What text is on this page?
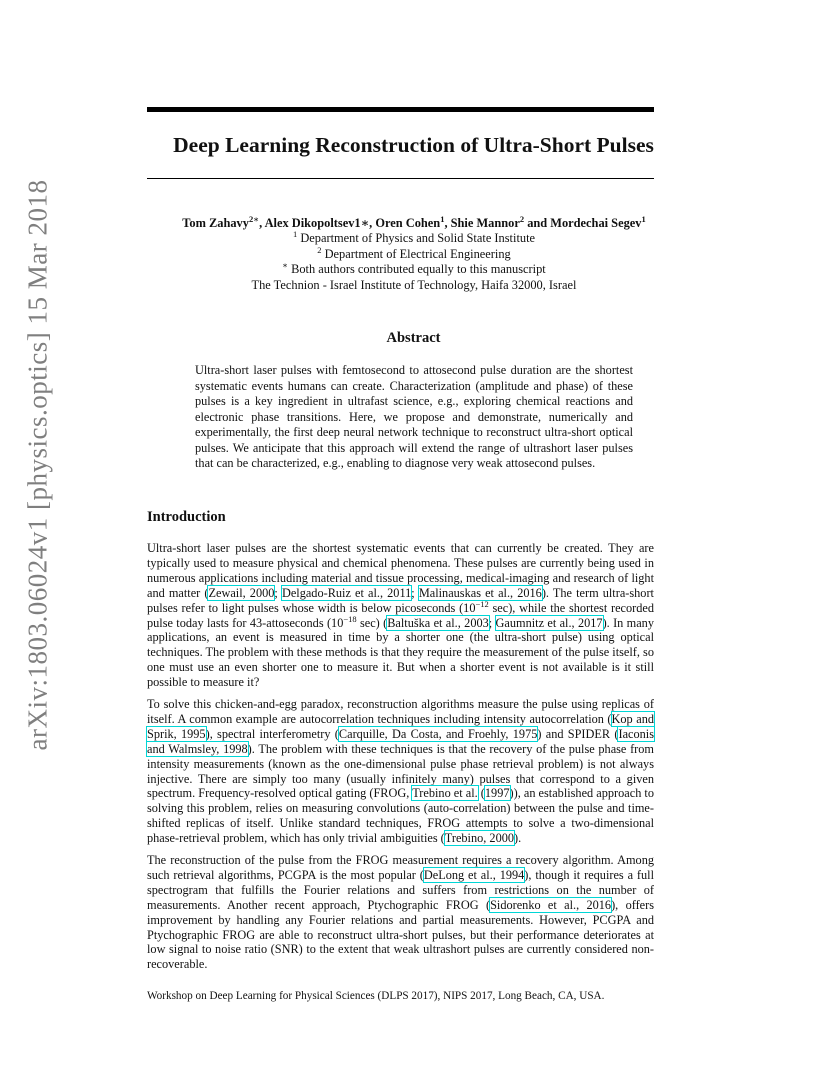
arXiv:1803.06024v1 [physics.optics] 15 Mar 2018
Deep Learning Reconstruction of Ultra-Short Pulses
Tom Zahavy$^{2∗}$, Alex Dikopoltsev1∗, Oren Cohen$^1$, Shie Mannor$^2$ and Mordechai Segev$^1$
$^1$ Department of Physics and Solid State Institute
$^2$ Department of Electrical Engineering
∗ Both authors contributed equally to this manuscript
The Technion - Israel Institute of Technology, Haifa 32000, Israel
Abstract
Ultra-short laser pulses with femtosecond to attosecond pulse duration are the shortest systematic events humans can create. Characterization (amplitude and phase) of these pulses is a key ingredient in ultrafast science, e.g., exploring chemical reactions and electronic phase transitions. Here, we propose and demonstrate, numerically and experimentally, the first deep neural network technique to reconstruct ultra-short optical pulses. We anticipate that this approach will extend the range of ultrashort laser pulses that can be characterized, e.g., enabling to diagnose very weak attosecond pulses.
Introduction

Ultra-short laser pulses are the shortest systematic events that can currently be created. They are typically used to measure physical and chemical phenomena. These pulses are currently being used in numerous applications including material and tissue processing, medical-imaging and research of light and matter (Zewail, 2000; Delgado-Ruiz et al., 2011; Malinauskas et al., 2016). The term ultra-short pulses refer to light pulses whose width is below picoseconds ($10^{-12}$ sec), while the shortest recorded pulse today lasts for 43-attoseconds ($10^{-18}$ sec) (Baltuška et al., 2003; Gaumnitz et al., 2017). In many applications, an event is measured in time by a shorter one (the ultra-short pulse) using optical techniques. The problem with these methods is that they require the measurement of the pulse itself, so one must use an even shorter one to measure it. But when a shorter event is not available is it still possible to measure it?

To solve this chicken-and-egg paradox, reconstruction algorithms measure the pulse using replicas of itself. A common example are autocorrelation techniques including intensity autocorrelation (Kop and Sprik, 1995), spectral interferometry (Carquille, Da Costa, and Froehly, 1975) and SPIDER (Iaconis and Walmsley, 1998). The problem with these techniques is that the recovery of the pulse phase from intensity measurements (known as the one-dimensional pulse phase retrieval problem) is not always injective. There are simply too many (usually infinitely many) pulses that correspond to a given spectrum. Frequency-resolved optical gating (FROG, Trebino et al. (1997)), an established approach to solving this problem, relies on measuring convolutions (auto-correlation) between the pulse and time-shifted replicas of itself. Unlike standard techniques, FROG attempts to solve a two-dimensional phase-retrieval problem, which has only trivial ambiguities (Trebino, 2000).

The reconstruction of the pulse from the FROG measurement requires a recovery algorithm. Among such retrieval algorithms, PCGPA is the most popular (DeLong et al., 1994), though it requires a full spectrogram that fulfills the Fourier relations and suffers from restrictions on the number of measurements. Another recent approach, Ptychographic FROG (Sidorenko et al., 2016), offers improvement by handling any Fourier relations and partial measurements. However, PCGPA and Ptychographic FROG are able to reconstruct ultra-short pulses, but their performance deteriorates at low signal to noise ratio (SNR) to the extent that weak ultrashort pulses are currently considered non-recoverable.

Workshop on Deep Learning for Physical Sciences (DLPS 2017), NIPS 2017, Long Beach, CA, USA.
